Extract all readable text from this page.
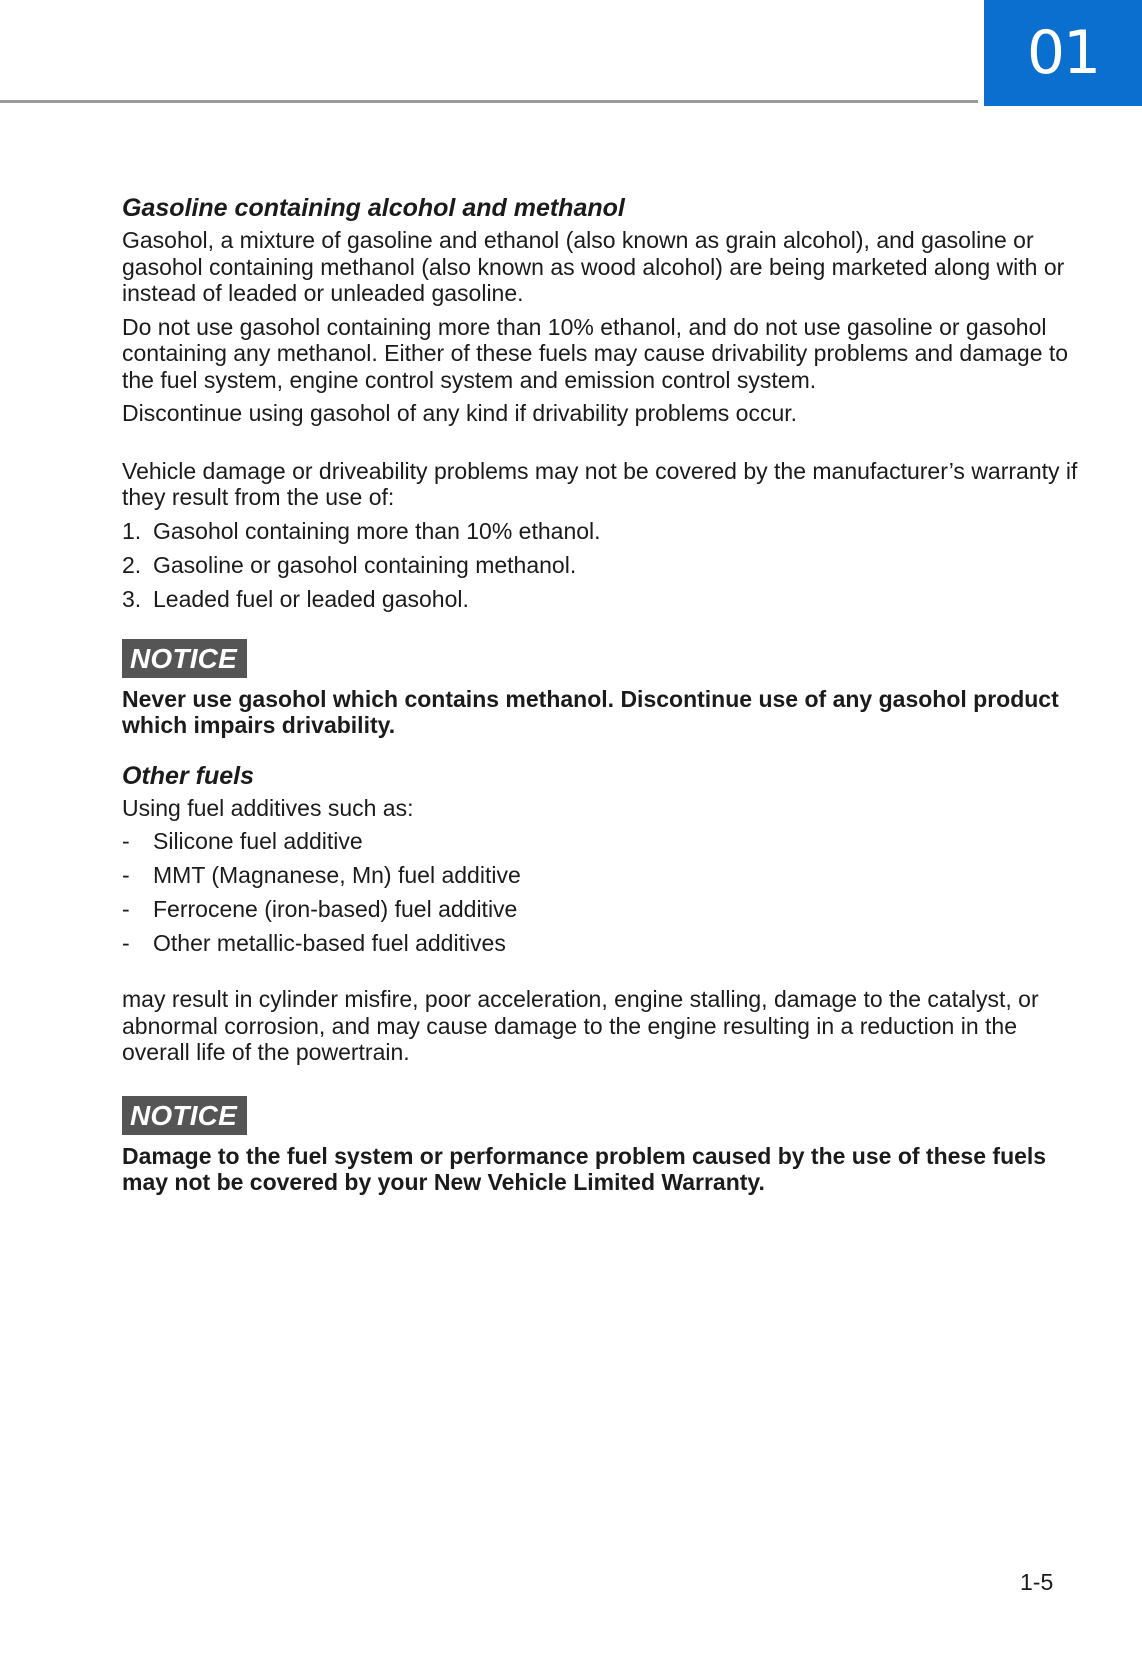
01
Gasoline containing alcohol and methanol

Gasohol, a mixture of gasoline and ethanol (also known as grain alcohol), and gasoline or gasohol containing methanol (also known as wood alcohol) are being marketed along with or instead of leaded or unleaded gasoline.

Do not use gasohol containing more than 10% ethanol, and do not use gasoline or gasohol containing any methanol. Either of these fuels may cause drivability problems and damage to the fuel system, engine control system and emission control system.

Discontinue using gasohol of any kind if drivability problems occur.

Vehicle damage or driveability problems may not be covered by the manufacturer’s warranty if they result from the use of:

1. Gasohol containing more than 10% ethanol.
2. Gasoline or gasohol containing methanol.
3. Leaded fuel or leaded gasohol.
NOTICE

Never use gasohol which contains methanol. Discontinue use of any gasohol product which impairs drivability.

Other fuels

Using fuel additives such as:

-	Silicone fuel additive
-	MMT (Magnanese, Mn) fuel additive
-	Ferrocene (iron-based) fuel additive
-	Other metallic-based fuel additives

may result in cylinder misfire, poor acceleration, engine stalling, damage to the catalyst, or abnormal corrosion, and may cause damage to the engine resulting in a reduction in the overall life of the powertrain.

NOTICE

Damage to the fuel system or performance problem caused by the use of these fuels may not be covered by your New Vehicle Limited Warranty.

1-5
